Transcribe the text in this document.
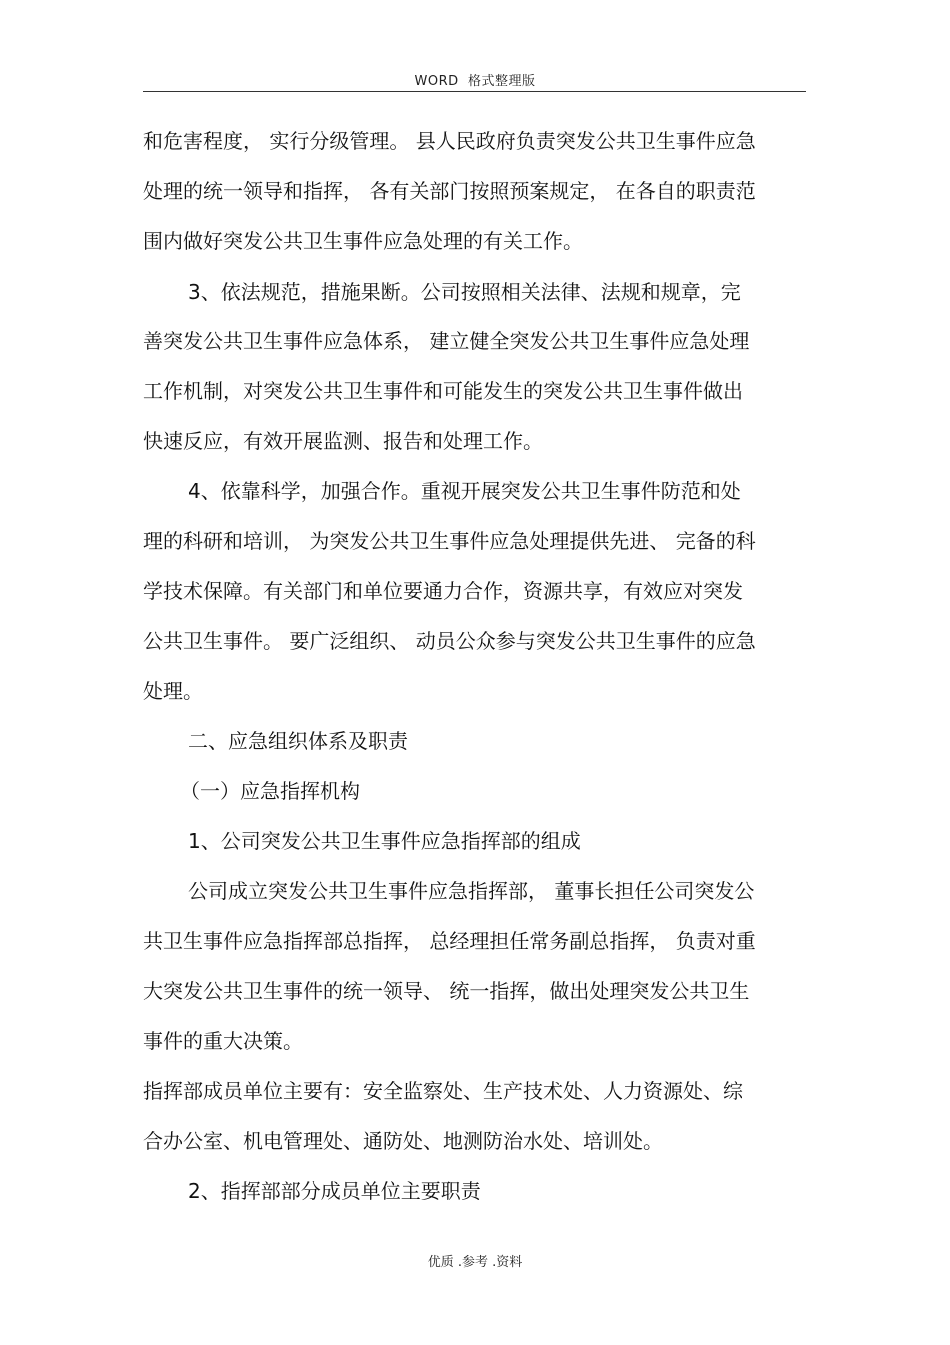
WORD  格式整理版
和危害程度， 实行分级管理。 县人民政府负责突发公共卫生事件应急
处理的统一领导和指挥， 各有关部门按照预案规定， 在各自的职责范
围内做好突发公共卫生事件应急处理的有关工作。
3、依法规范，措施果断。公司按照相关法律、法规和规章，完
善突发公共卫生事件应急体系， 建立健全突发公共卫生事件应急处理
工作机制，对突发公共卫生事件和可能发生的突发公共卫生事件做出
快速反应，有效开展监测、报告和处理工作。
4、依靠科学，加强合作。重视开展突发公共卫生事件防范和处
理的科研和培训， 为突发公共卫生事件应急处理提供先进、 完备的科
学技术保障。有关部门和单位要通力合作，资源共享，有效应对突发
公共卫生事件。 要广泛组织、 动员公众参与突发公共卫生事件的应急
处理。
二、应急组织体系及职责
（一）应急指挥机构
1、公司突发公共卫生事件应急指挥部的组成
公司成立突发公共卫生事件应急指挥部， 董事长担任公司突发公
共卫生事件应急指挥部总指挥， 总经理担任常务副总指挥， 负责对重
大突发公共卫生事件的统一领导、 统一指挥，做出处理突发公共卫生
事件的重大决策。
指挥部成员单位主要有：安全监察处、生产技术处、人力资源处、综
合办公室、机电管理处、通防处、地测防治水处、培训处。
2、指挥部部分成员单位主要职责
优质 .参考 .资料
